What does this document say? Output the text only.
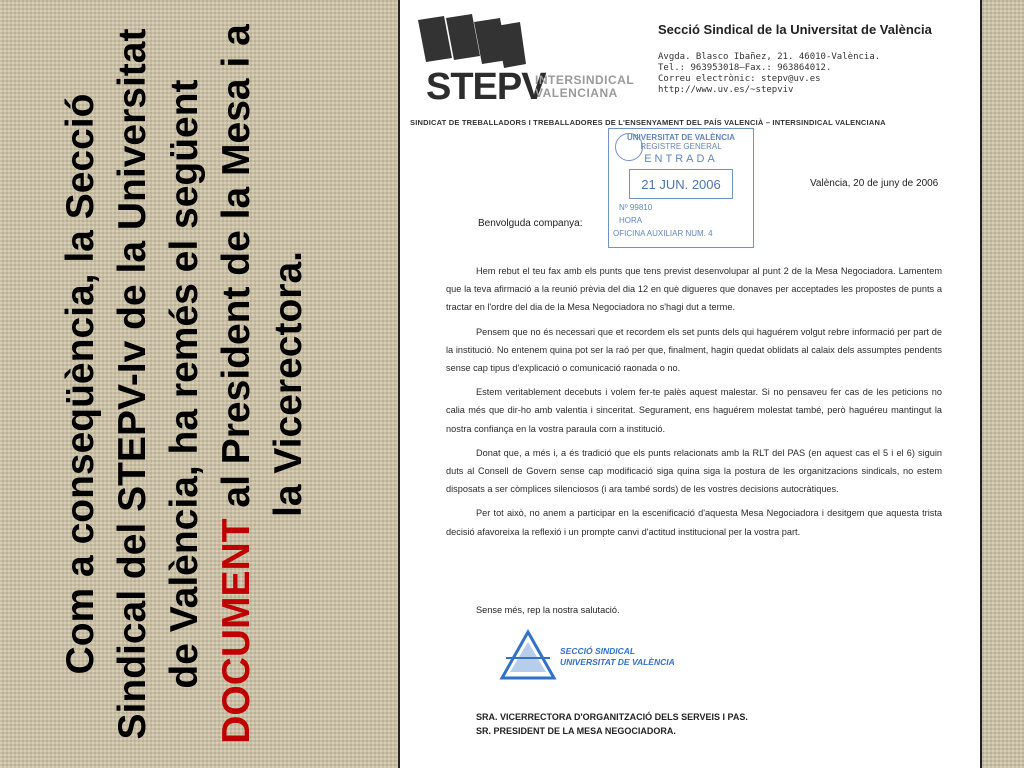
Com a conseqüència, la Secció Sindical del STEPV-Iv de la Universitat de València, ha remés el següent DOCUMENT al President de la Mesa i a la Vicerectora.
STEPV
INTERSINDICAL
VALENCIANA
Secció Sindical de la Universitat de València
Avgda. Blasco Ibañez, 21. 46010-València.
Tel.: 963953018—Fax.: 963864012.
Correu electrònic: stepv@uv.es
http://www.uv.es/~stepviv
SINDICAT DE TREBALLADORS I TREBALLADORES DE L'ENSENYAMENT DEL PAÍS VALENCIÀ – INTERSINDICAL VALENCIANA
UNIVERSITAT DE VALÈNCIA
REGISTRE GENERAL
ENTRADA
21 JUN. 2006
Nº 99810
HORA
OFICINA AUXILIAR NUM. 4
València, 20 de juny de 2006
Benvolguda companya:

Hem rebut el teu fax amb els punts que tens previst desenvolupar al punt 2 de la Mesa Negociadora. Lamentem que la teva afirmació a la reunió prèvia del dia 12 en què digueres que donaves per acceptades les propostes de punts a tractar en l'ordre del dia de la Mesa Negociadora no s'hagi dut a terme.

Pensem que no és necessari que et recordem els set punts dels qui haguérem volgut rebre informació per part de la institució. No entenem quina pot ser la raó per que, finalment, hagin quedat oblidats al calaix dels assumptes pendents sense cap tipus d'explicació o comunicació raonada o no.

Estem veritablement decebuts i volem fer-te palès aquest malestar. Si no pensaveu fer cas de les peticions no calia més que dir-ho amb valentia i sinceritat. Segurament, ens haguérem molestat també, però haguéreu mantingut la nostra confiança en la vostra paraula com a institució.

Donat que, a més i, a és tradició que els punts relacionats amb la RLT del PAS (en aquest cas el 5 i el 6) siguin duts al Consell de Govern sense cap modificació siga quina siga la postura de les organitzacions sindicals, no estem disposats a ser còmplices silenciosos (i ara també sords) de les vostres decisions autocràtiques.

Per tot això, no anem a participar en la escenificació d'aquesta Mesa Negociadora i desitgem que aquesta trista decisió afavoreixa la reflexió i un prompte canvi d'actitud institucional per la vostra part.

Sense més, rep la nostra salutació.
SECCIÓ SINDICAL
UNIVERSITAT DE VALÈNCIA
SRA. VICERRECTORA D'ORGANITZACIÓ DELS SERVEIS I PAS.
SR. PRESIDENT DE LA MESA NEGOCIADORA.
